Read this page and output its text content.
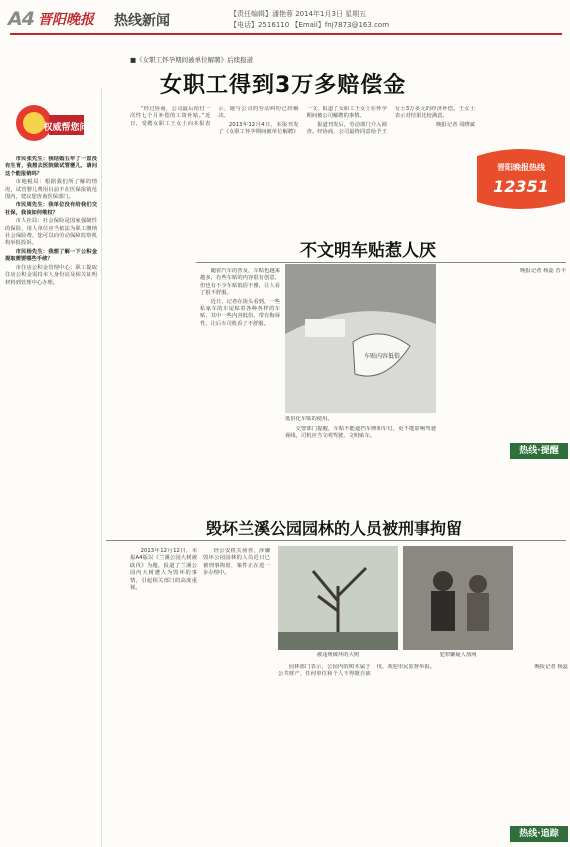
A4 晋阳晚报 热线新闻	【责任编辑】潘艳蓉 2014年1月3日 星期五
【电话】2516110 【Email】fnj7873@163.com
权威帮您问

市民张先生：我结婚五年了一直没有生育，我想去医院做试管婴儿，请问这个能报销吗？

市地税局：根据我们所了解的情况，试管婴儿费用目前不在医保报销范围内，建议您咨询医保部门。

市民周先生：我单位没有给我们交社保，我该如何维权？

市人社局：社会保险是国家强制性的保险，用人单位应当依法为职工缴纳社会保险费，您可以向劳动保障监察机构举报投诉。

市民杨先生：我想了解一下公积金提取需要哪些手续？

市住房公积金管理中心：职工提取住房公积金需持本人身份证及相关证明材料到管理中心办理。

■《女职工怀孕期间被单位解聘》后续报道
女职工得到3万多赔偿金

“经过协商，公司最后给付一次性七个月补偿的工资补贴。”近日，受聘女职工王女士向本报表示，她与公司的劳动纠纷已经解决。

2013年12月4日，本报刊发了《女职工怀孕期间被单位解聘》一文，报道了女职工王女士在怀孕期间被公司解聘的事情。

报道刊发后，劳动部门介入调查。经协商，公司最终同意给予王女士3万多元的经济补偿。王女士表示对结果比较满意。

晚报记者 周晓斌

晋阳晚报热线
12351
不文明车贴惹人厌

随着汽车的普及，车贴也越来越多，有些车贴的内容很有创意，但也有不少车贴低俗不雅，让人看了很不舒服。

近日，记者在街头看到，一些私家车的车尾贴着各种各样的车贴，其中一些内容低俗、带有侮辱性，让后车司机看了不舒服。

车贴内容低俗
低俗化车贴的使用。

交警部门提醒，车贴不能遮挡车牌和车灯，更不能影响驾驶视线，司机应当文明驾驶，文明贴车。

晚报记者 杨蕊 晋丰

热线·提醒
毁坏兰溪公园园林的人员被刑事拘留

2013年12月12日，本报A4版以《兰溪公园大树被砍伐》为题，报道了兰溪公园内大树遭人为毁坏的事情，引起相关部门的高度重视。

经公安机关侦查，涉嫌毁坏公园园林的人员近日已被刑事拘留，案件正在进一步办理中。

被违规破坏的大树	犯罪嫌疑人落网

园林部门表示，公园内的树木属于公共财产，任何单位和个人不得擅自砍伐，欢迎市民监督举报。	晚报记者 杨蕊

热线·追踪
